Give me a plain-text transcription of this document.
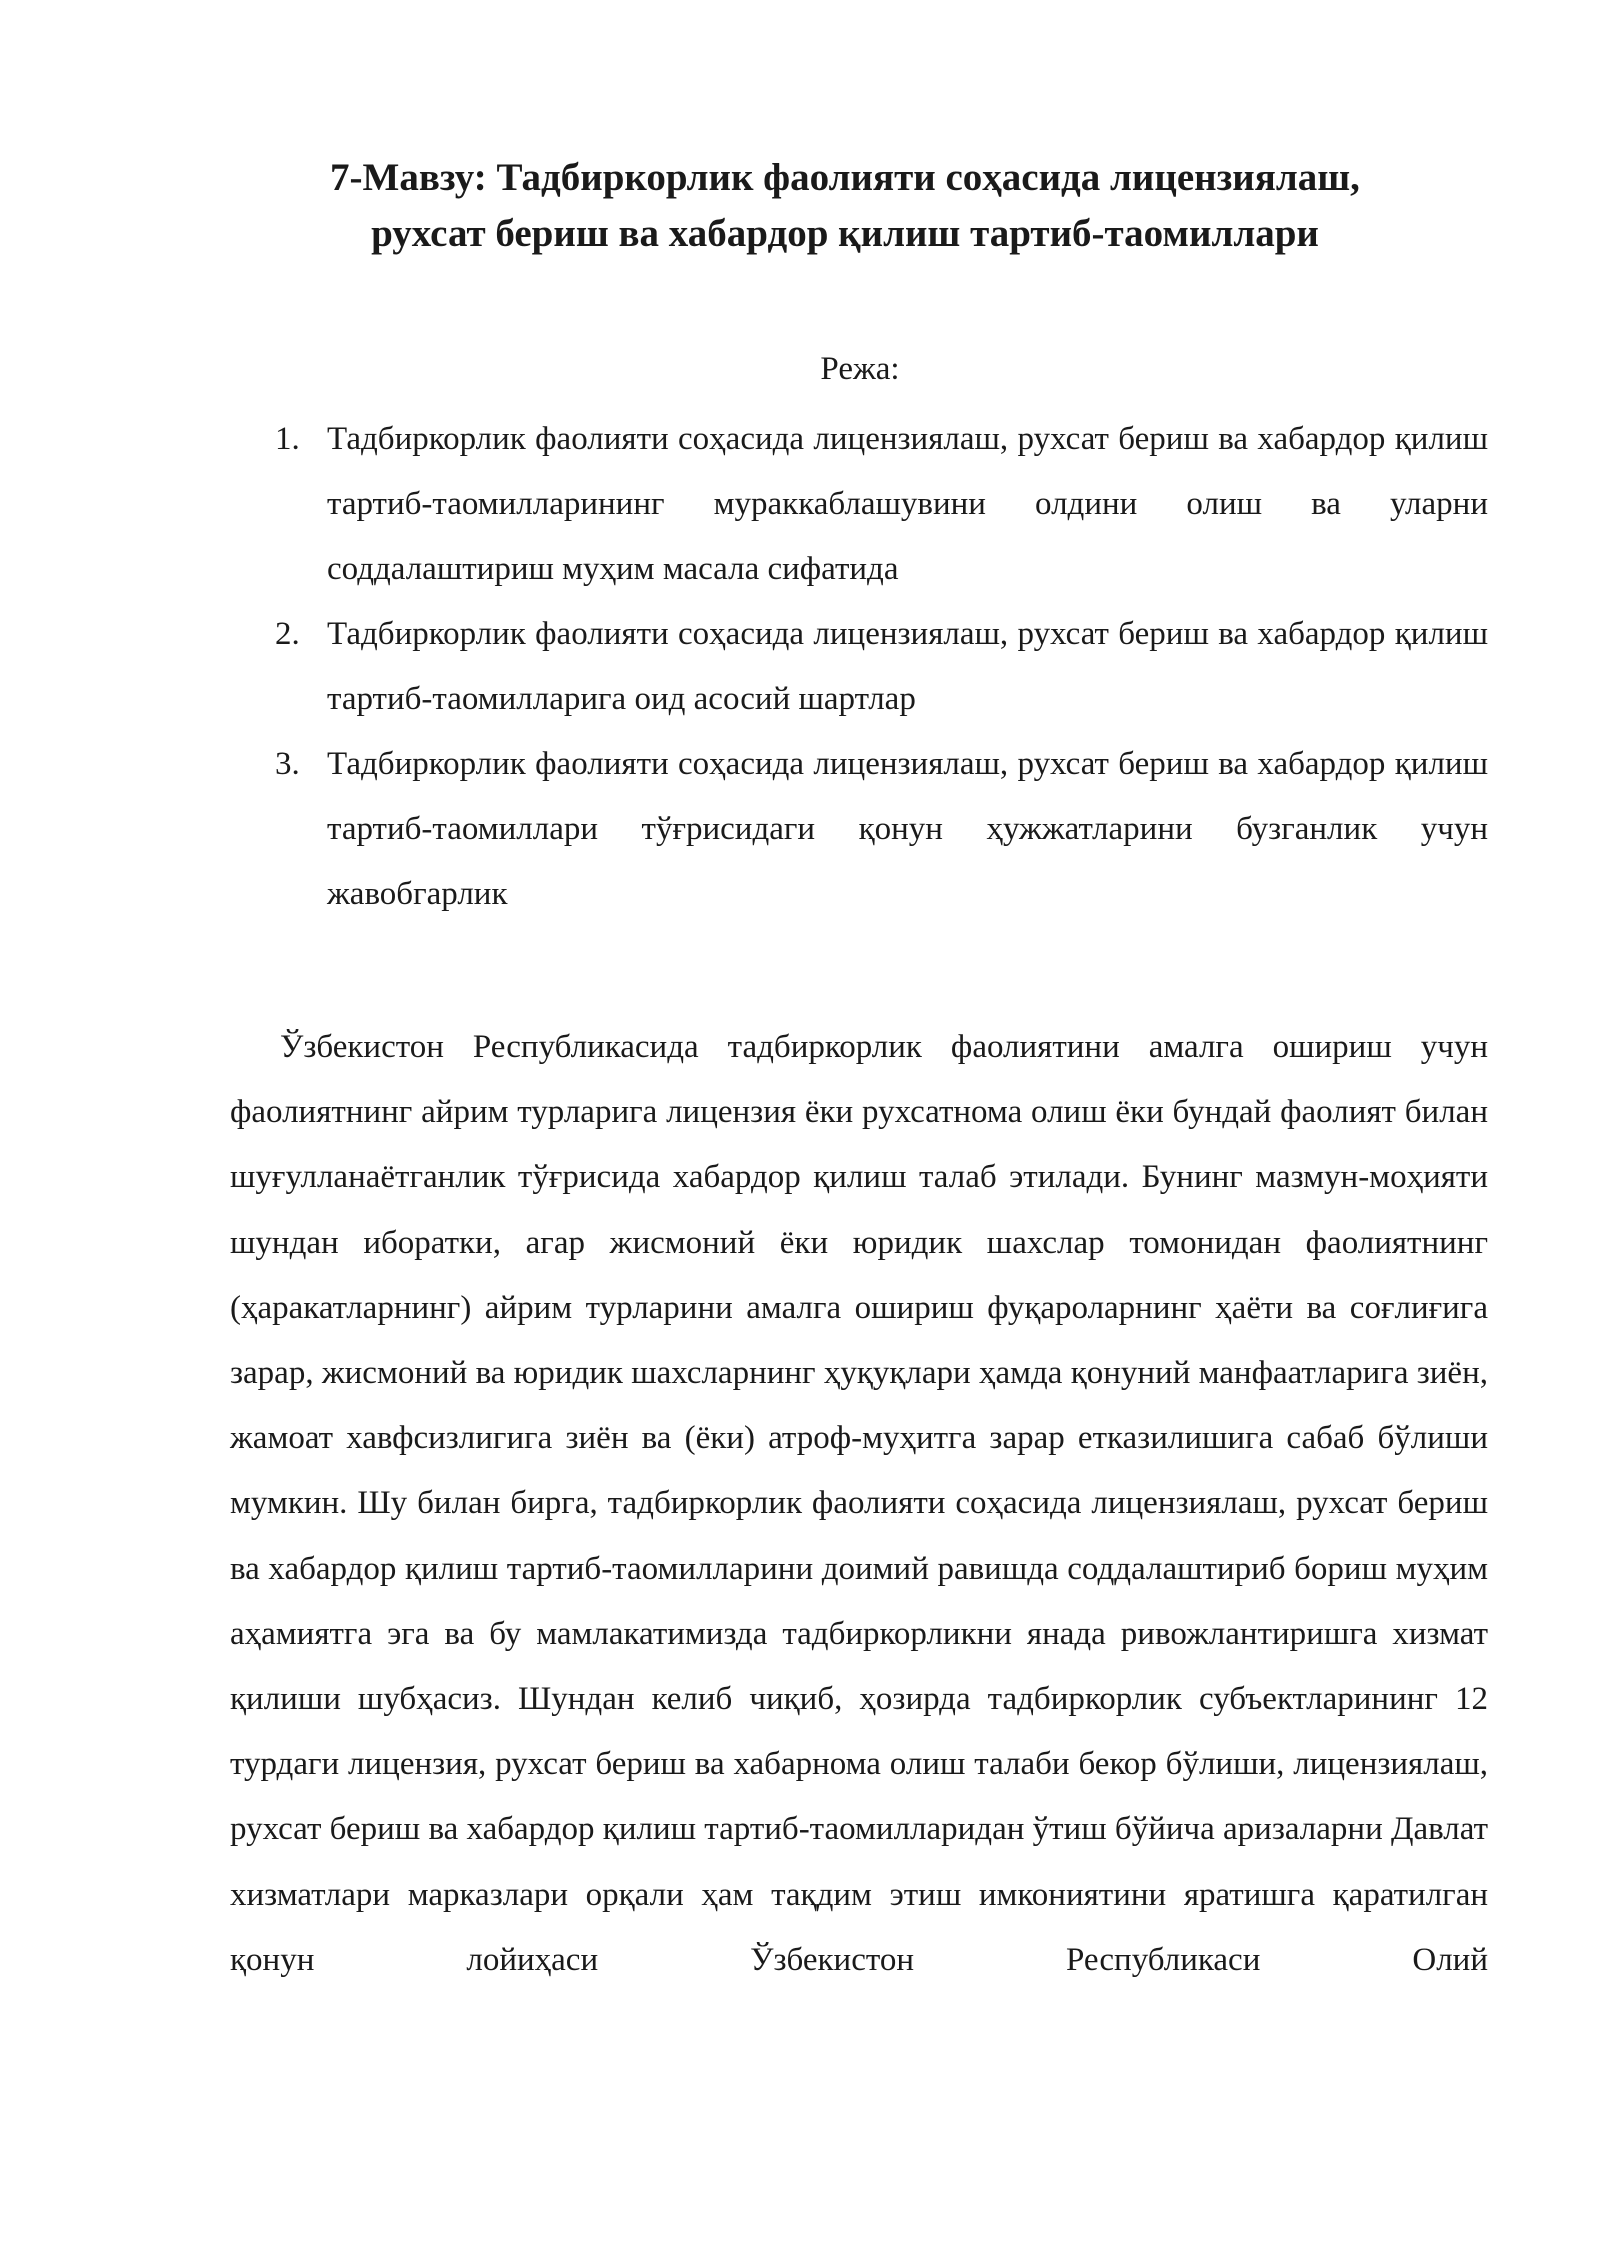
7-Мавзу: Тадбиркорлик фаолияти соҳасида лицензиялаш,
рухсат бериш ва хабардор қилиш тартиб-таомиллари
Режа:
1. Тадбиркорлик фаолияти соҳасида лицензиялаш, рухсат бериш ва хабардор қилиш тартиб-таомилларининг мураккаблашувини олдини олиш ва уларни соддалаштириш муҳим масала сифатида
2. Тадбиркорлик фаолияти соҳасида лицензиялаш, рухсат бериш ва хабардор қилиш тартиб-таомилларига оид асосий шартлар
3. Тадбиркорлик фаолияти соҳасида лицензиялаш, рухсат бериш ва хабардор қилиш тартиб-таомиллари тўғрисидаги қонун ҳужжатларини бузганлик учун жавобгарлик

Ўзбекистон Республикасида тадбиркорлик фаолиятини амалга ошириш учун фаолиятнинг айрим турларига лицензия ёки рухсатнома олиш ёки бундай фаолият билан шуғулланаётганлик тўғрисида хабардор қилиш талаб этилади. Бунинг мазмун-моҳияти шундан иборатки, агар жисмоний ёки юридик шахслар томонидан фаолиятнинг (ҳаракатларнинг) айрим турларини амалга ошириш фуқароларнинг ҳаёти ва соғлиғига зарар, жисмоний ва юридик шахсларнинг ҳуқуқлари ҳамда қонуний манфаатларига зиён, жамоат хавфсизлигига зиён ва (ёки) атроф-муҳитга зарар етказилишига сабаб бўлиши мумкин. Шу билан бирга, тадбиркорлик фаолияти соҳасида лицензиялаш, рухсат бериш ва хабардор қилиш тартиб-таомилларини доимий равишда соддалаштириб бориш муҳим аҳамиятга эга ва бу мамлакатимизда тадбиркорликни янада ривожлантиришга хизмат қилиши шубҳасиз. Шундан келиб чиқиб, ҳозирда тадбиркорлик субъектларининг 12 турдаги лицензия, рухсат бериш ва хабарнома олиш талаби бекор бўлиши, лицензиялаш, рухсат бериш ва хабардор қилиш тартиб-таомилларидан ўтиш бўйича аризаларни Давлат хизматлари марказлари орқали ҳам тақдим этиш имкониятини яратишга қаратилган қонун лойиҳаси Ўзбекистон Республикаси Олий
